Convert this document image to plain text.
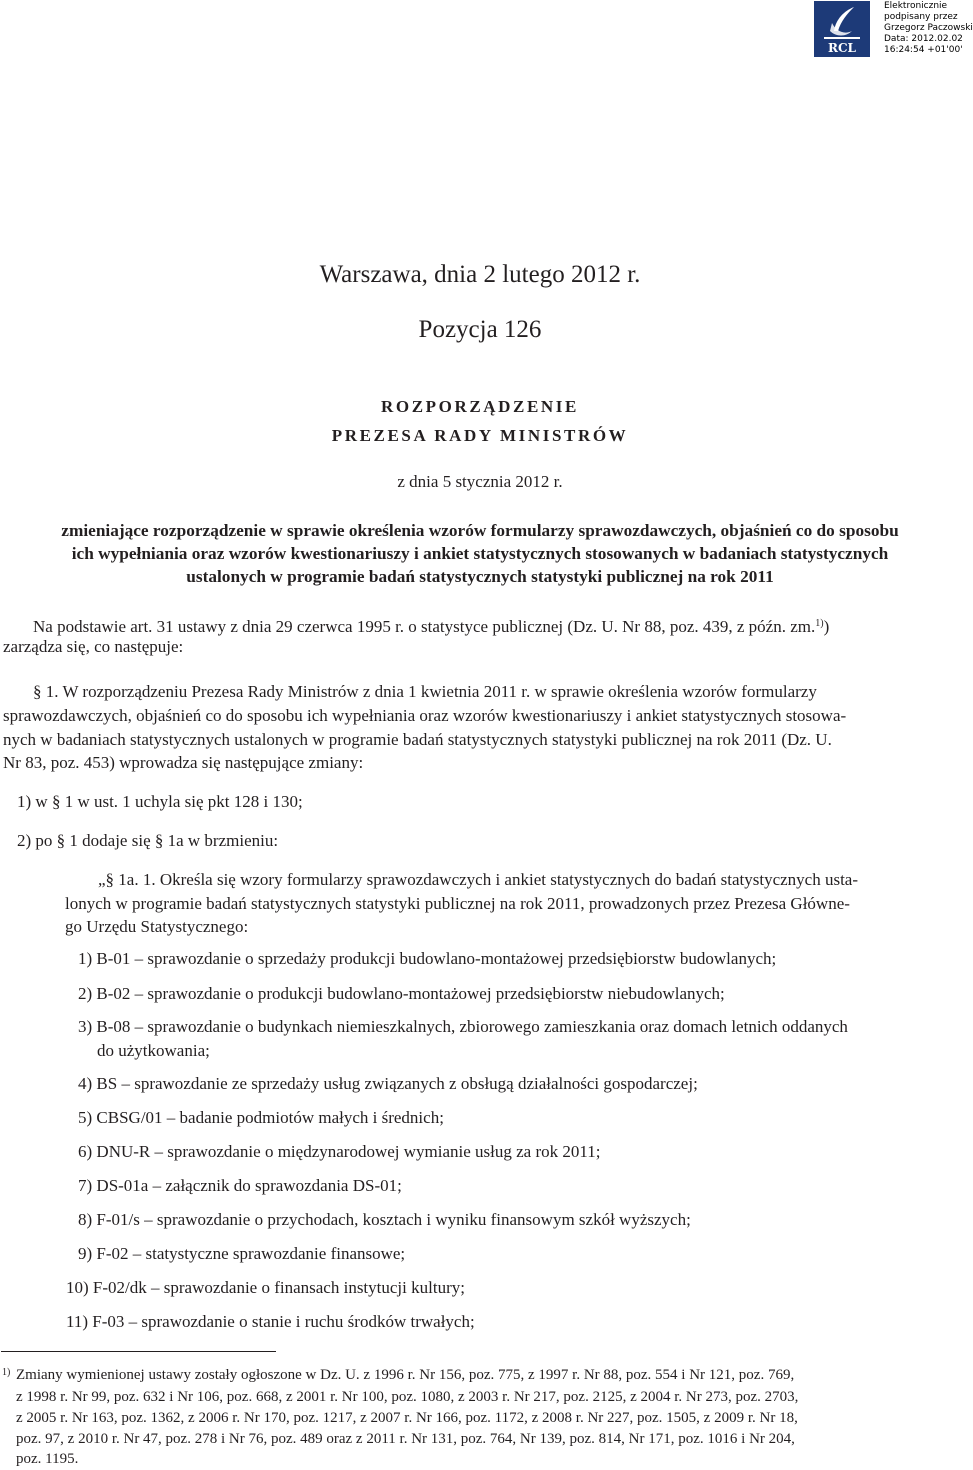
RCL
Elektronicznie
podpisany przez
Grzegorz Paczowski
Data: 2012.02.02
16:24:54 +01'00'
Warszawa, dnia 2 lutego 2012 r.
Pozycja 126
ROZPORZĄDZENIE
PREZESA RADY MINISTRÓW
z dnia 5 stycznia 2012 r.
zmieniające rozporządzenie w sprawie określenia wzorów formularzy sprawozdawczych, objaśnień co do sposobu
ich wypełniania oraz wzorów kwestionariuszy i ankiet statystycznych stosowanych w badaniach statystycznych
ustalonych w programie badań statystycznych statystyki publicznej na rok 2011
Na podstawie art. 31 ustawy z dnia 29 czerwca 1995 r. o statystyce publicznej (Dz. U. Nr 88, poz. 439, z późn. zm.$^{1)}$)
zarządza się, co następuje:
§ 1. W rozporządzeniu Prezesa Rady Ministrów z dnia 1 kwietnia 2011 r. w sprawie określenia wzorów formularzy
sprawozdawczych, objaśnień co do sposobu ich wypełniania oraz wzorów kwestionariuszy i ankiet statystycznych stosowa-
nych w badaniach statystycznych ustalonych w programie badań statystycznych statystyki publicznej na rok 2011 (Dz. U.
Nr 83, poz. 453) wprowadza się następujące zmiany:
1) w § 1 w ust. 1 uchyla się pkt 128 i 130;
2) po § 1 dodaje się § 1a w brzmieniu:
„§ 1a. 1. Określa się wzory formularzy sprawozdawczych i ankiet statystycznych do badań statystycznych usta-
lonych w programie badań statystycznych statystyki publicznej na rok 2011, prowadzonych przez Prezesa Główne-
go Urzędu Statystycznego:
1) B-01 – sprawozdanie o sprzedaży produkcji budowlano-montażowej przedsiębiorstw budowlanych;
2) B-02 – sprawozdanie o produkcji budowlano-montażowej przedsiębiorstw niebudowlanych;
3) B-08 – sprawozdanie o budynkach niemieszkalnych, zbiorowego zamieszkania oraz domach letnich oddanych
do użytkowania;
4) BS – sprawozdanie ze sprzedaży usług związanych z obsługą działalności gospodarczej;
5) CBSG/01 – badanie podmiotów małych i średnich;
6) DNU-R – sprawozdanie o międzynarodowej wymianie usług za rok 2011;
7) DS-01a – załącznik do sprawozdania DS-01;
8) F-01/s – sprawozdanie o przychodach, kosztach i wyniku finansowym szkół wyższych;
9) F-02 – statystyczne sprawozdanie finansowe;
10) F-02/dk – sprawozdanie o finansach instytucji kultury;
11) F-03 – sprawozdanie o stanie i ruchu środków trwałych;
$^{1)}$ Zmiany wymienionej ustawy zostały ogłoszone w Dz. U. z 1996 r. Nr 156, poz. 775, z 1997 r. Nr 88, poz. 554 i Nr 121, poz. 769,
z 1998 r. Nr 99, poz. 632 i Nr 106, poz. 668, z 2001 r. Nr 100, poz. 1080, z 2003 r. Nr 217, poz. 2125, z 2004 r. Nr 273, poz. 2703,
z 2005 r. Nr 163, poz. 1362, z 2006 r. Nr 170, poz. 1217, z 2007 r. Nr 166, poz. 1172, z 2008 r. Nr 227, poz. 1505, z 2009 r. Nr 18,
poz. 97, z 2010 r. Nr 47, poz. 278 i Nr 76, poz. 489 oraz z 2011 r. Nr 131, poz. 764, Nr 139, poz. 814, Nr 171, poz. 1016 i Nr 204,
poz. 1195.
